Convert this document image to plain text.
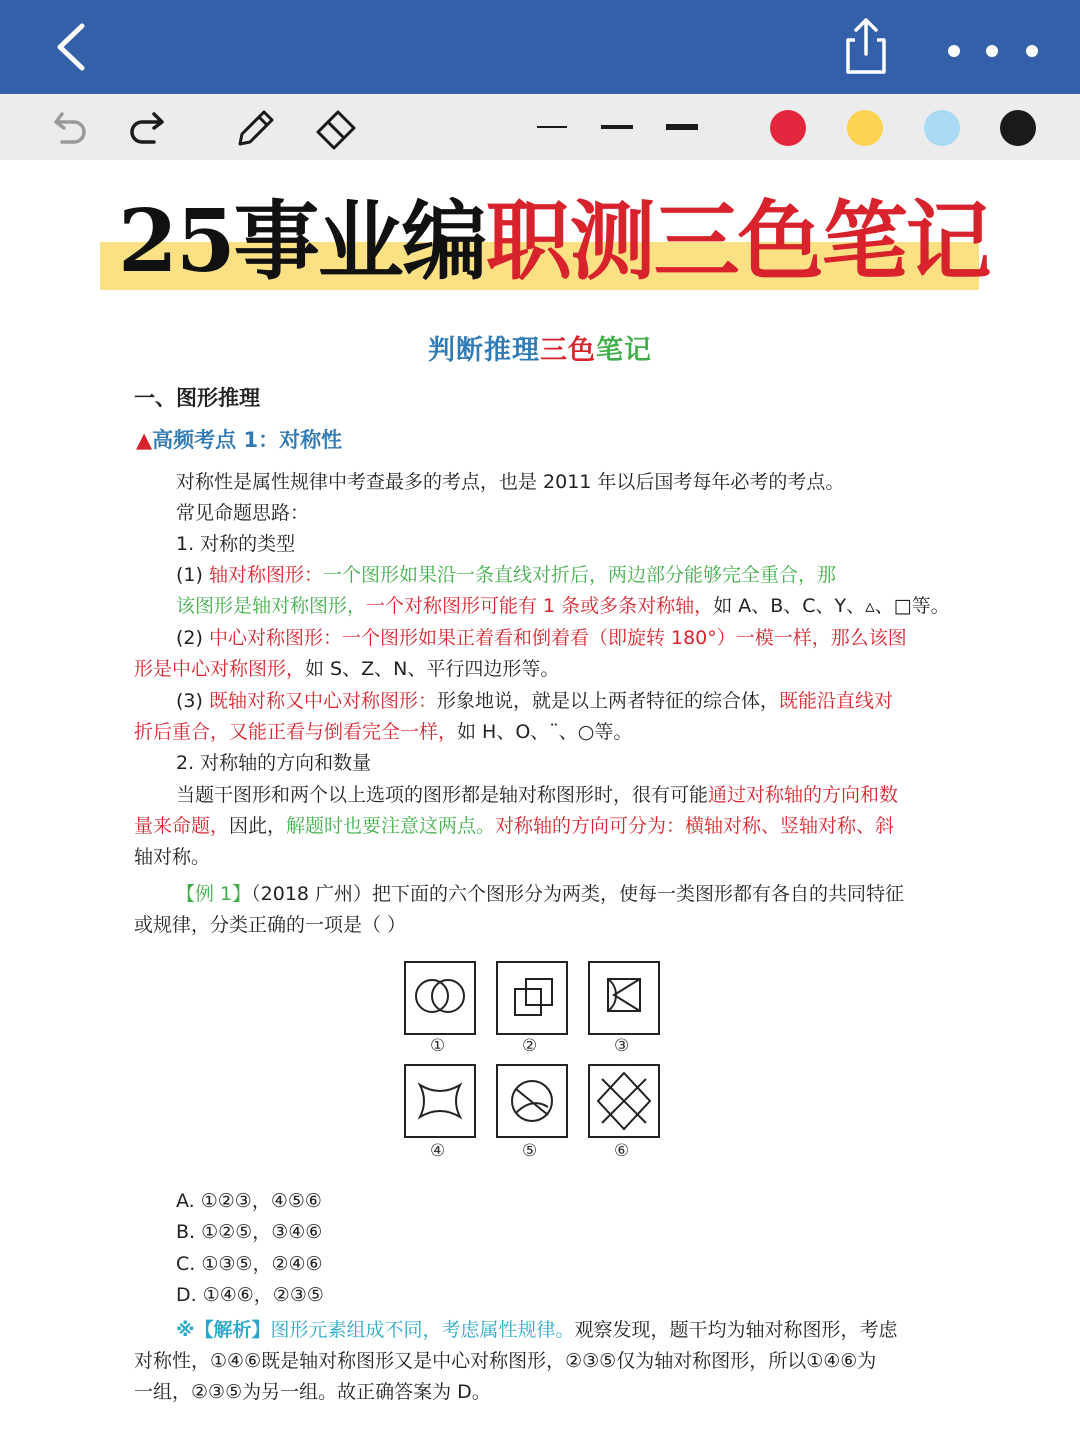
25事业编职测三色笔记
判断推理三色笔记
一、图形推理
▲高频考点 1：对称性
对称性是属性规律中考查最多的考点，也是 2011 年以后国考每年必考的考点。
常见命题思路：
1. 对称的类型
(1) 轴对称图形：一个图形如果沿一条直线对折后，两边部分能够完全重合，那
该图形是轴对称图形，一个对称图形可能有 1 条或多条对称轴，如 A、B、C、Y、▵、□等。
(2) 中心对称图形：一个图形如果正着看和倒着看（即旋转 180°）一模一样，那么该图
形是中心对称图形，如 S、Z、N、平行四边形等。
(3) 既轴对称又中心对称图形：形象地说，就是以上两者特征的综合体，既能沿直线对
折后重合，又能正看与倒看完全一样，如 H、O、¨、○等。
2. 对称轴的方向和数量
当题干图形和两个以上选项的图形都是轴对称图形时，很有可能通过对称轴的方向和数
量来命题，因此，解题时也要注意这两点。对称轴的方向可分为：横轴对称、竖轴对称、斜
轴对称。
【例 1】（2018 广州）把下面的六个图形分为两类，使每一类图形都有各自的共同特征
或规律，分类正确的一项是（ ）
①	②	③
④	⑤	⑥
A. ①②③，④⑤⑥
B. ①②⑤，③④⑥
C. ①③⑤，②④⑥
D. ①④⑥，②③⑤
※【解析】图形元素组成不同，考虑属性规律。观察发现，题干均为轴对称图形，考虑
对称性，①④⑥既是轴对称图形又是中心对称图形，②③⑤仅为轴对称图形，所以①④⑥为
一组，②③⑤为另一组。故正确答案为 D。
